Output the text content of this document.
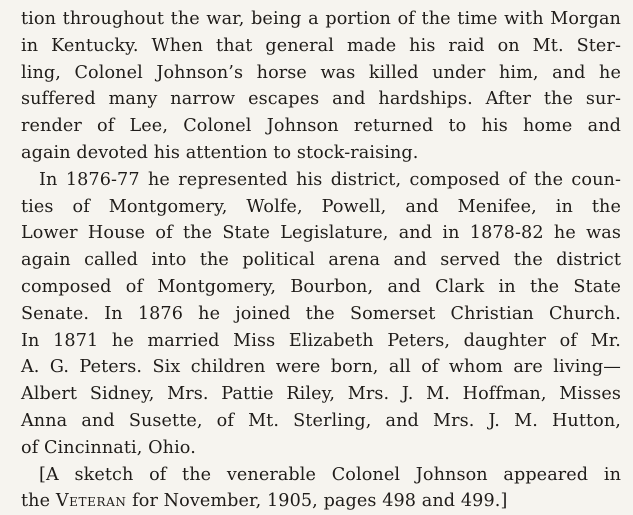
tion throughout the war, being a portion of the time with Morgan
in Kentucky. When that general made his raid on Mt. Ster-
ling, Colonel Johnson’s horse was killed under him, and he
suffered many narrow escapes and hardships. After the sur-
render of Lee, Colonel Johnson returned to his home and
again devoted his attention to stock-raising.
In 1876-77 he represented his district, composed of the coun-
ties of Montgomery, Wolfe, Powell, and Menifee, in the
Lower House of the State Legislature, and in 1878-82 he was
again called into the political arena and served the district
composed of Montgomery, Bourbon, and Clark in the State
Senate. In 1876 he joined the Somerset Christian Church.
In 1871 he married Miss Elizabeth Peters, daughter of Mr.
A. G. Peters. Six children were born, all of whom are living—
Albert Sidney, Mrs. Pattie Riley, Mrs. J. M. Hoffman, Misses
Anna and Susette, of Mt. Sterling, and Mrs. J. M. Hutton,
of Cincinnati, Ohio.
[A sketch of the venerable Colonel Johnson appeared in
the Veteran for November, 1905, pages 498 and 499.]
